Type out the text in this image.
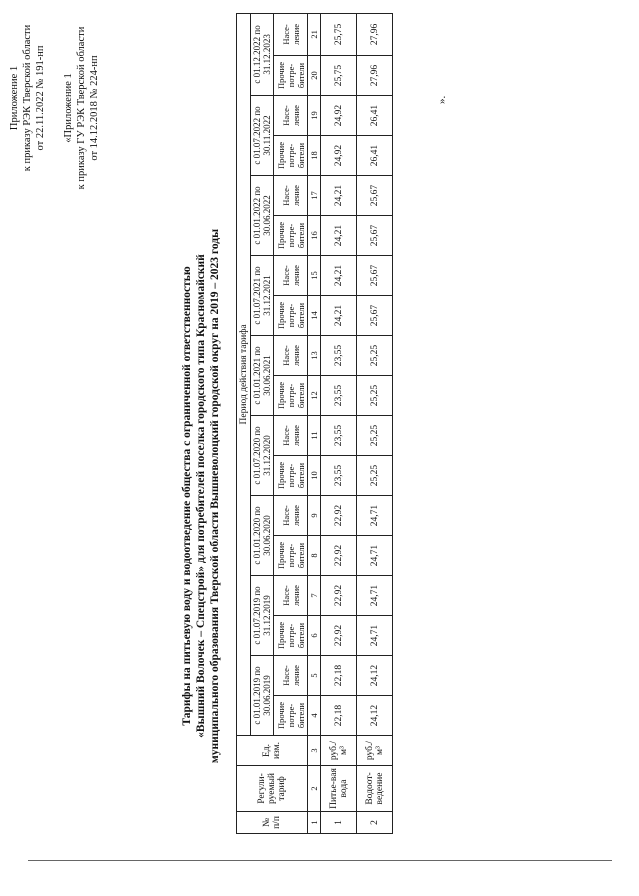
Приложение 1 к приказу РЭК Тверской области от 22.11.2022 № 191-нп «Приложение 1 к приказу ГУ РЭК Тверской области от 14.12.2018 № 224-нп
Тарифы на питьевую воду и водоотведение общества с ограниченной ответственностью «Вышний Волочек – Спецстрой» для потребителей поселка городского типа Красномайский муниципального образования Тверской области Вышневолоцкий городской округ на 2019 – 2023 годы
№ п/п	Регули-руемый тариф	Ед. изм.	Период действия тарифа																	
			с 01.01.2019 по 30.06.2019		с 01.07.2019 по 31.12.2019		с 01.01.2020 по 30.06.2020		с 01.07.2020 по 31.12.2020		с 01.01.2021 по 30.06.2021		с 01.07.2021 по 31.12.2021		с 01.01.2022 по 30.06.2022		с 01.07.2022 по 30.11.2022		с 01.12.2022 по 31.12.2023	
			Прочие потре-бители	Насе-ление	Прочие потре-бители	Насе-ление	Прочие потре-бители	Насе-ление	Прочие потре-бители	Насе-ление	Прочие потре-бители	Насе-ление	Прочие потре-бители	Насе-ление	Прочие потре-бители	Насе-ление	Прочие потре-бители	Насе-ление	Прочие потре-бители	Насе-ление
1	2	3	4	5	6	7	8	9	10	11	12	13	14	15	16	17	18	19	20	21
1	Питье-вая вода	руб./м³	22,18	22,18	22,92	22,92	22,92	22,92	23,55	23,55	23,55	23,55	24,21	24,21	24,21	24,21	24,92	24,92	25,75	25,75
2	Водоот-ведение	руб./м³	24,12	24,12	24,71	24,71	24,71	24,71	25,25	25,25	25,25	25,25	25,67	25,67	25,67	25,67	26,41	26,41	27,96	27,96
».
